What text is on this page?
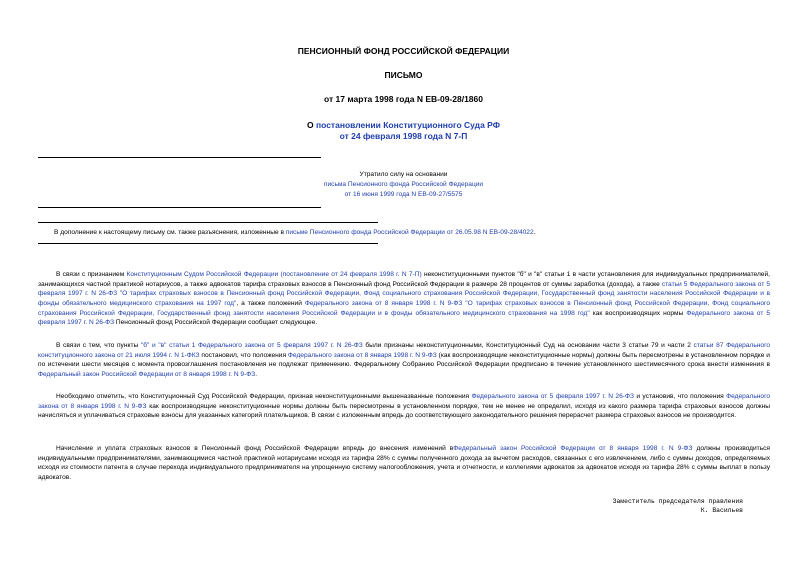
ПЕНСИОННЫЙ ФОНД РОССИЙСКОЙ ФЕДЕРАЦИИ
ПИСЬМО
от 17 марта 1998 года N ЕВ-09-28/1860
О постановлении Конституционного Суда РФ
от 24 февраля 1998 года N 7-П
Утратило силу на основании
письма Пенсионного фонда Российской Федерации
от 16 июня 1999 года N ЕВ-09-27/5575
В дополнение к настоящему письму см. также разъяснения, изложенные в письме Пенсионного фонда Российской Федерации от 26.05.98 N ЕВ-09-28/4022.
В связи с признанием Конституционным Судом Российской Федерации (постановление от 24 февраля 1998 г. N 7-П) неконституционными пунктов "б" и "в" статьи 1 в части установления для индивидуальных предпринимателей, занимающихся частной практикой нотариусов, а также адвокатов тарифа страховых взносов в Пенсионный фонд Российской Федерации в размере 28 процентов от суммы заработка (дохода), а также статьи 5 Федерального закона от 5 февраля 1997 г. N 26-ФЗ "О тарифах страховых взносов в Пенсионный фонд Российской Федерации, Фонд социального страхования Российской Федерации, Государственный фонд занятости населения Российской Федерации и в фонды обязательного медицинского страхования на 1997 год", а также положений Федерального закона от 8 января 1998 г. N 9-ФЗ "О тарифах страховых взносов в Пенсионный фонд Российской Федерации, Фонд социального страхования Российской Федерации, Государственный фонд занятости населения Российской Федерации и в фонды обязательного медицинского страхования на 1998 год" как воспроизводящих нормы Федерального закона от 5 февраля 1997 г. N 26-ФЗ Пенсионный фонд Российской Федерации сообщает следующее.
В связи с тем, что пункты "б" и "в" статьи 1 Федерального закона от 5 февраля 1997 г. N 26-ФЗ были признаны неконституционными, Конституционный Суд на основании части 3 статьи 79 и части 2 статьи 87 Федерального конституционного закона от 21 июля 1994 г. N 1-ФКЗ постановил, что положения Федерального закона от 8 января 1998 г. N 9-ФЗ (как воспроизводящие неконституционные нормы) должны быть пересмотрены в установленном порядке и по истечении шести месяцев с момента провозглашения постановления не подлежат применению. Федеральному Собранию Российской Федерации предписано в течение установленного шестимесячного срока внести изменения в Федеральный закон Российской Федерации от 8 января 1998 г. N 9-ФЗ.
Необходимо отметить, что Конституционный Суд Российской Федерации, признав неконституционными вышеназванные положения Федерального закона от 5 февраля 1997 г. N 26-ФЗ и установив, что положения Федерального закона от 8 января 1998 г. N 9-ФЗ как воспроизводящие неконституционные нормы должны быть пересмотрены в установленном порядке, тем не менее не определил, исходя из какого размера тарифа страховых взносов должны начисляться и уплачиваться страховые взносы для указанных категорий плательщиков. В связи с изложенным впредь до соответствующего законодательного решения перерасчет размера страховых взносов не производится.
Начисление и уплата страховых взносов в Пенсионный фонд Российской Федерации впредь до внесения изменений вФедеральный закон Российской Федерации от 8 января 1998 г. N 9-ФЗ должны производиться индивидуальными предпринимателями, занимающимися частной практикой нотариусами исходя из тарифа 28% с суммы полученного дохода за вычетом расходов, связанных с его извлечением, либо с суммы доходов, определяемых исходя из стоимости патента в случае перехода индивидуального предпринимателя на упрощенную систему налогообложения, учета и отчетности, и коллегиями адвокатов за адвокатов исходя из тарифа 28% с суммы выплат в пользу адвокатов.
Заместитель председателя правления
К. Васильев
